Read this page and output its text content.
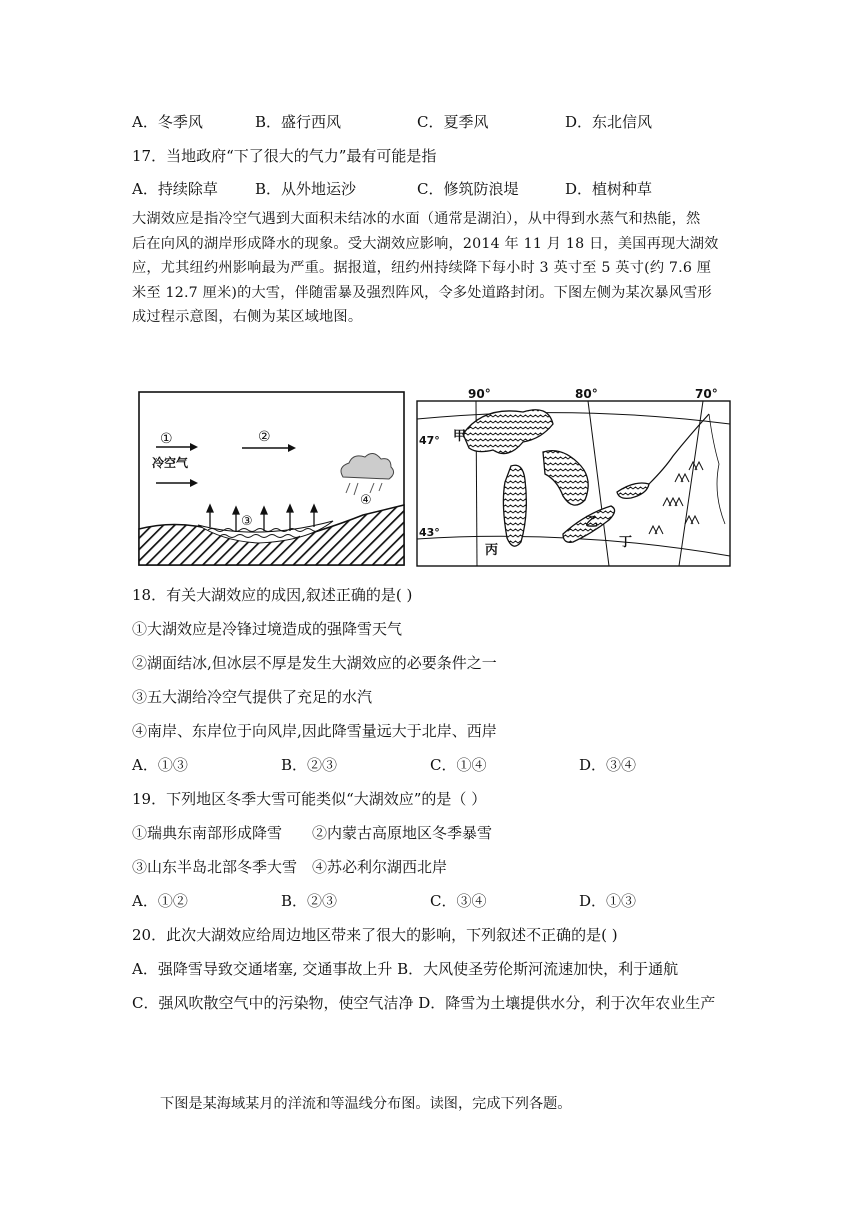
A．冬季风	B．盛行西风	C．夏季风	D．东北信风
17．当地政府“下了很大的气力”最有可能是指
A．持续除草 B．从外地运沙	C．修筑防浪堤	D．植树种草
大湖效应是指冷空气遇到大面积未结冰的水面（通常是湖泊），从中得到水蒸气和热能，然
后在向风的湖岸形成降水的现象。受大湖效应影响，2014 年 11 月 18 日，美国再现大湖效
应，尤其纽约州影响最为严重。据报道，纽约州持续降下每小时 3 英寸至 5 英寸(约 7.6 厘
米至 12.7 厘米)的大雪，伴随雷暴及强烈阵风，令多处道路封闭。下图左侧为某次暴风雪形
成过程示意图，右侧为某区域地图。
①	②
冷空气
③
④
90°	80°	70°
47°
43°
甲
乙
丙
丁
18．有关大湖效应的成因,叙述正确的是( )
①大湖效应是冷锋过境造成的强降雪天气
②湖面结冰,但冰层不厚是发生大湖效应的必要条件之一
③五大湖给冷空气提供了充足的水汽
④南岸、东岸位于向风岸,因此降雪量远大于北岸、西岸
A．①③	B．②③	C．①④	D．③④
19．下列地区冬季大雪可能类似“大湖效应”的是（ ）
①瑞典东南部形成降雪 ②内蒙古高原地区冬季暴雪
③山东半岛北部冬季大雪 ④苏必利尔湖西北岸
A．①②	B．②③	C．③④	D．①③
20．此次大湖效应给周边地区带来了很大的影响，下列叙述不正确的是( )
A．强降雪导致交通堵塞, 交通事故上升 B．大风使圣劳伦斯河流速加快，利于通航
C．强风吹散空气中的污染物，使空气洁净 D．降雪为土壤提供水分，利于次年农业生产
下图是某海域某月的洋流和等温线分布图。读图，完成下列各题。
